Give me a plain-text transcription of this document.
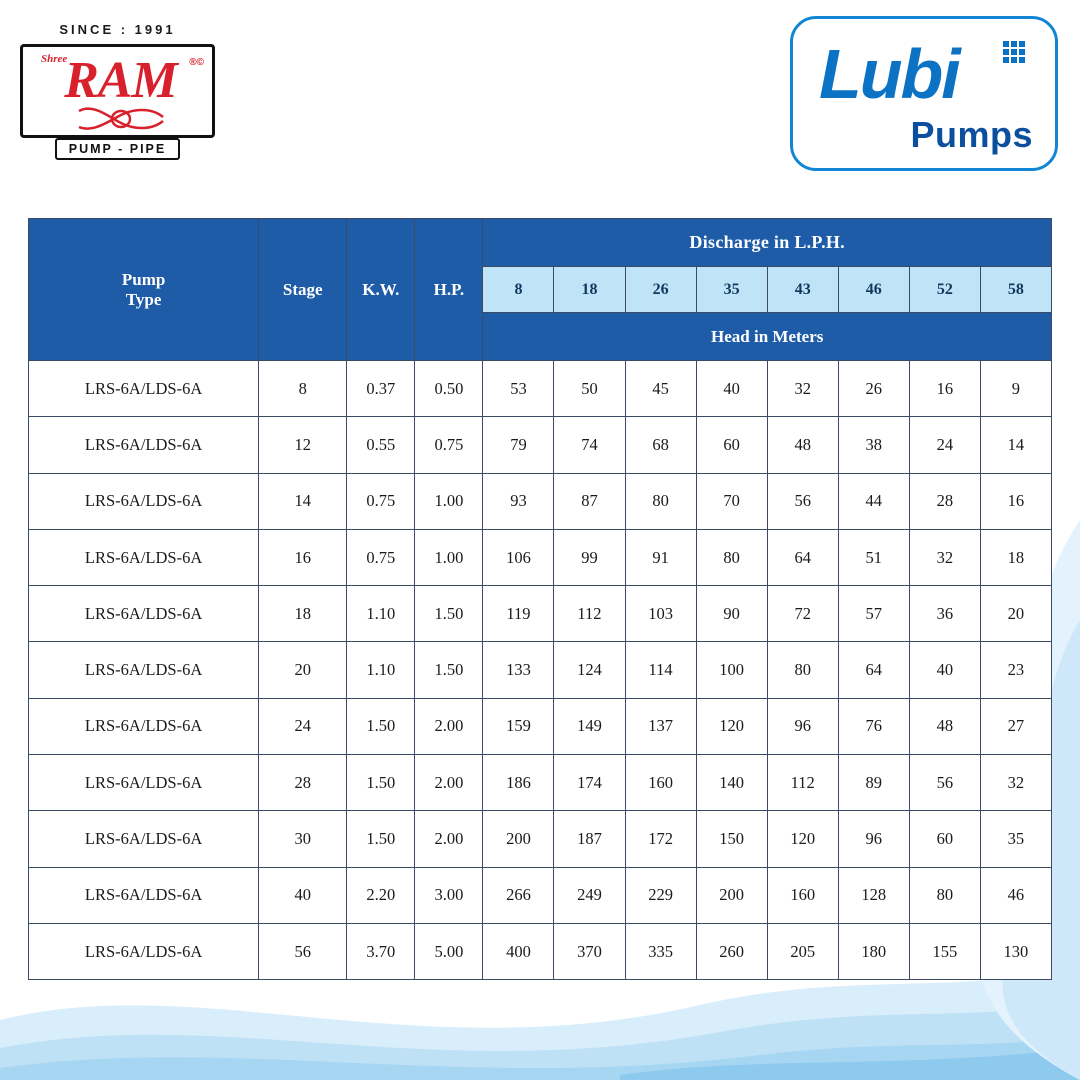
SINCE : 1991
Shree
RAM	®©
PUMP - PIPE
Lubi
Pumps
Pump
Type	Stage	K.W.	H.P.	Discharge in L.P.H.							
				8	18	26	35	43	46	52	58
				Head in Meters							
LRS-6A/LDS-6A	8	0.37	0.50	53	50	45	40	32	26	16	9
LRS-6A/LDS-6A	12	0.55	0.75	79	74	68	60	48	38	24	14
LRS-6A/LDS-6A	14	0.75	1.00	93	87	80	70	56	44	28	16
LRS-6A/LDS-6A	16	0.75	1.00	106	99	91	80	64	51	32	18
LRS-6A/LDS-6A	18	1.10	1.50	119	112	103	90	72	57	36	20
LRS-6A/LDS-6A	20	1.10	1.50	133	124	114	100	80	64	40	23
LRS-6A/LDS-6A	24	1.50	2.00	159	149	137	120	96	76	48	27
LRS-6A/LDS-6A	28	1.50	2.00	186	174	160	140	112	89	56	32
LRS-6A/LDS-6A	30	1.50	2.00	200	187	172	150	120	96	60	35
LRS-6A/LDS-6A	40	2.20	3.00	266	249	229	200	160	128	80	46
LRS-6A/LDS-6A	56	3.70	5.00	400	370	335	260	205	180	155	130
